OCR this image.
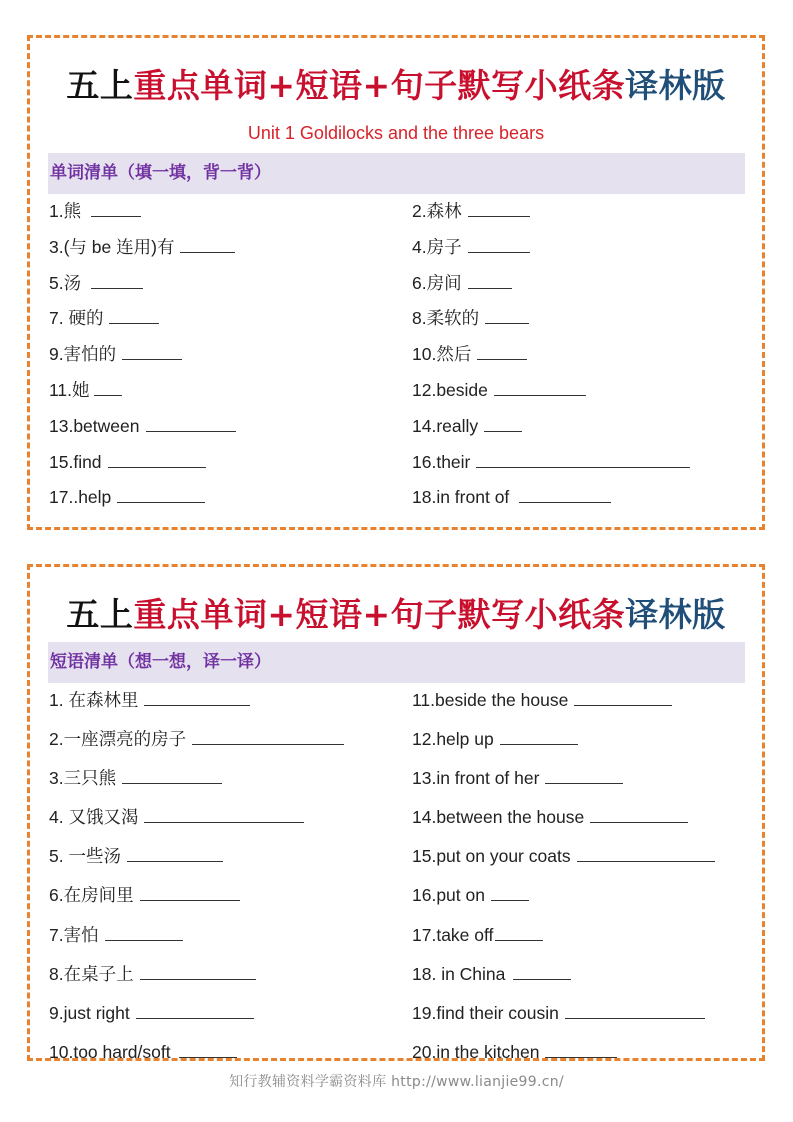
五上重点单词+短语+句子默写小纸条译林版
Unit 1 Goldilocks and the three bears
单词清单（填一填，背一背）
1.熊	2.森林
3.(与 be 连用)有	4.房子
5.汤	6.房间
7. 硬的	8.柔软的
9.害怕的	10.然后
11.她	12.beside
13.between	14.really
15.find	16.their
17..help	18.in front of
五上重点单词+短语+句子默写小纸条译林版
短语清单（想一想，译一译）
1. 在森林里	11.beside the house
2.一座漂亮的房子	12.help up
3.三只熊	13.in front of her
4. 又饿又渴	14.between the house
5. 一些汤	15.put on your coats
6.在房间里	16.put on
7.害怕	17.take off
8.在桌子上	18. in China
9.just right	19.find their cousin
10.too hard/soft	20.in the kitchen
知行教辅资料学霸资料库 http://www.lianjie99.cn/
